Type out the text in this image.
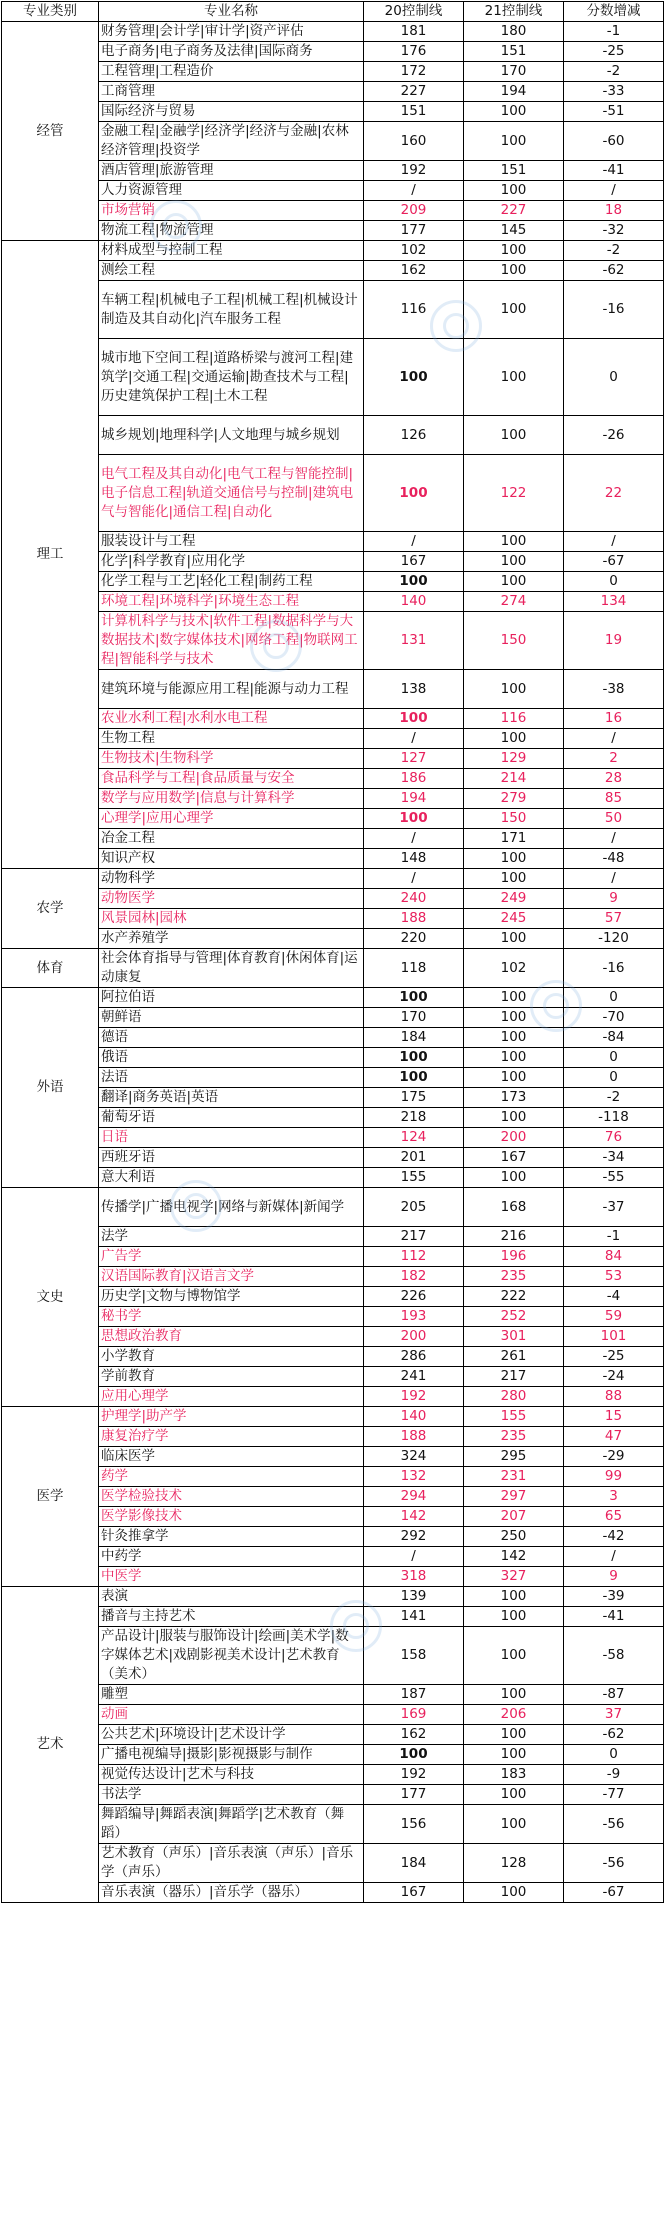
专业类别	专业名称	20控制线	21控制线	分数增减
经管	财务管理|会计学|审计学|资产评估	181	180	-1
	电子商务|电子商务及法律|国际商务	176	151	-25
	工程管理|工程造价	172	170	-2
	工商管理	227	194	-33
	国际经济与贸易	151	100	-51
	金融工程|金融学|经济学|经济与金融|农林经济管理|投资学	160	100	-60
	酒店管理|旅游管理	192	151	-41
	人力资源管理	/	100	/
	市场营销	209	227	18
	物流工程|物流管理	177	145	-32
理工	材料成型与控制工程	102	100	-2
	测绘工程	162	100	-62
	车辆工程|机械电子工程|机械工程|机械设计制造及其自动化|汽车服务工程	116	100	-16
	城市地下空间工程|道路桥梁与渡河工程|建筑学|交通工程|交通运输|勘查技术与工程|历史建筑保护工程|土木工程	100	100	0
	城乡规划|地理科学|人文地理与城乡规划	126	100	-26
	电气工程及其自动化|电气工程与智能控制|电子信息工程|轨道交通信号与控制|建筑电气与智能化|通信工程|自动化	100	122	22
	服装设计与工程	/	100	/
	化学|科学教育|应用化学	167	100	-67
	化学工程与工艺|轻化工程|制药工程	100	100	0
	环境工程|环境科学|环境生态工程	140	274	134
	计算机科学与技术|软件工程|数据科学与大数据技术|数字媒体技术|网络工程|物联网工程|智能科学与技术	131	150	19
	建筑环境与能源应用工程|能源与动力工程	138	100	-38
	农业水利工程|水利水电工程	100	116	16
	生物工程	/	100	/
	生物技术|生物科学	127	129	2
	食品科学与工程|食品质量与安全	186	214	28
	数学与应用数学|信息与计算科学	194	279	85
	心理学|应用心理学	100	150	50
	冶金工程	/	171	/
	知识产权	148	100	-48
农学	动物科学	/	100	/
	动物医学	240	249	9
	风景园林|园林	188	245	57
	水产养殖学	220	100	-120
体育	社会体育指导与管理|体育教育|休闲体育|运动康复	118	102	-16
外语	阿拉伯语	100	100	0
	朝鲜语	170	100	-70
	德语	184	100	-84
	俄语	100	100	0
	法语	100	100	0
	翻译|商务英语|英语	175	173	-2
	葡萄牙语	218	100	-118
	日语	124	200	76
	西班牙语	201	167	-34
	意大利语	155	100	-55
文史	传播学|广播电视学|网络与新媒体|新闻学	205	168	-37
	法学	217	216	-1
	广告学	112	196	84
	汉语国际教育|汉语言文学	182	235	53
	历史学|文物与博物馆学	226	222	-4
	秘书学	193	252	59
	思想政治教育	200	301	101
	小学教育	286	261	-25
	学前教育	241	217	-24
	应用心理学	192	280	88
医学	护理学|助产学	140	155	15
	康复治疗学	188	235	47
	临床医学	324	295	-29
	药学	132	231	99
	医学检验技术	294	297	3
	医学影像技术	142	207	65
	针灸推拿学	292	250	-42
	中药学	/	142	/
	中医学	318	327	9
艺术	表演	139	100	-39
	播音与主持艺术	141	100	-41
	产品设计|服装与服饰设计|绘画|美术学|数字媒体艺术|戏剧影视美术设计|艺术教育（美术）	158	100	-58
	雕塑	187	100	-87
	动画	169	206	37
	公共艺术|环境设计|艺术设计学	162	100	-62
	广播电视编导|摄影|影视摄影与制作	100	100	0
	视觉传达设计|艺术与科技	192	183	-9
	书法学	177	100	-77
	舞蹈编导|舞蹈表演|舞蹈学|艺术教育（舞蹈）	156	100	-56
	艺术教育（声乐）|音乐表演（声乐）|音乐学（声乐）	184	128	-56
	音乐表演（器乐）|音乐学（器乐）	167	100	-67
